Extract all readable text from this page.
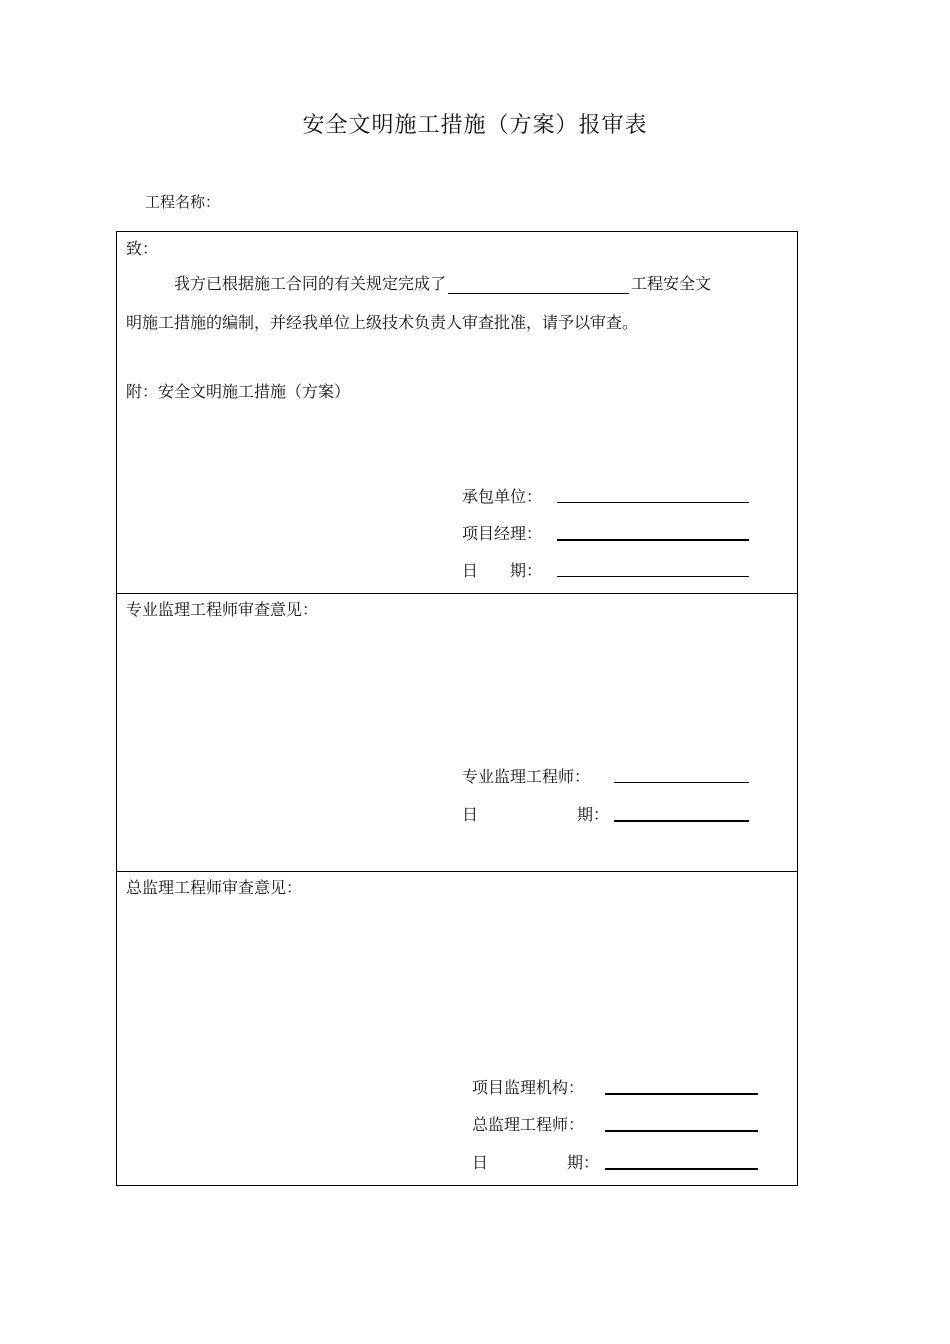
安全文明施工措施（方案）报审表
工程名称：
致：
我方已根据施工合同的有关规定完成了	工程安全文
明施工措施的编制，并经我单位上级技术负责人审查批准，请予以审查。
附：安全文明施工措施（方案）
承包单位：
项目经理：
日　　期：
专业监理工程师审查意见：
专业监理工程师：
日	期：
总监理工程师审查意见：
项目监理机构：
总监理工程师：
日	期：
